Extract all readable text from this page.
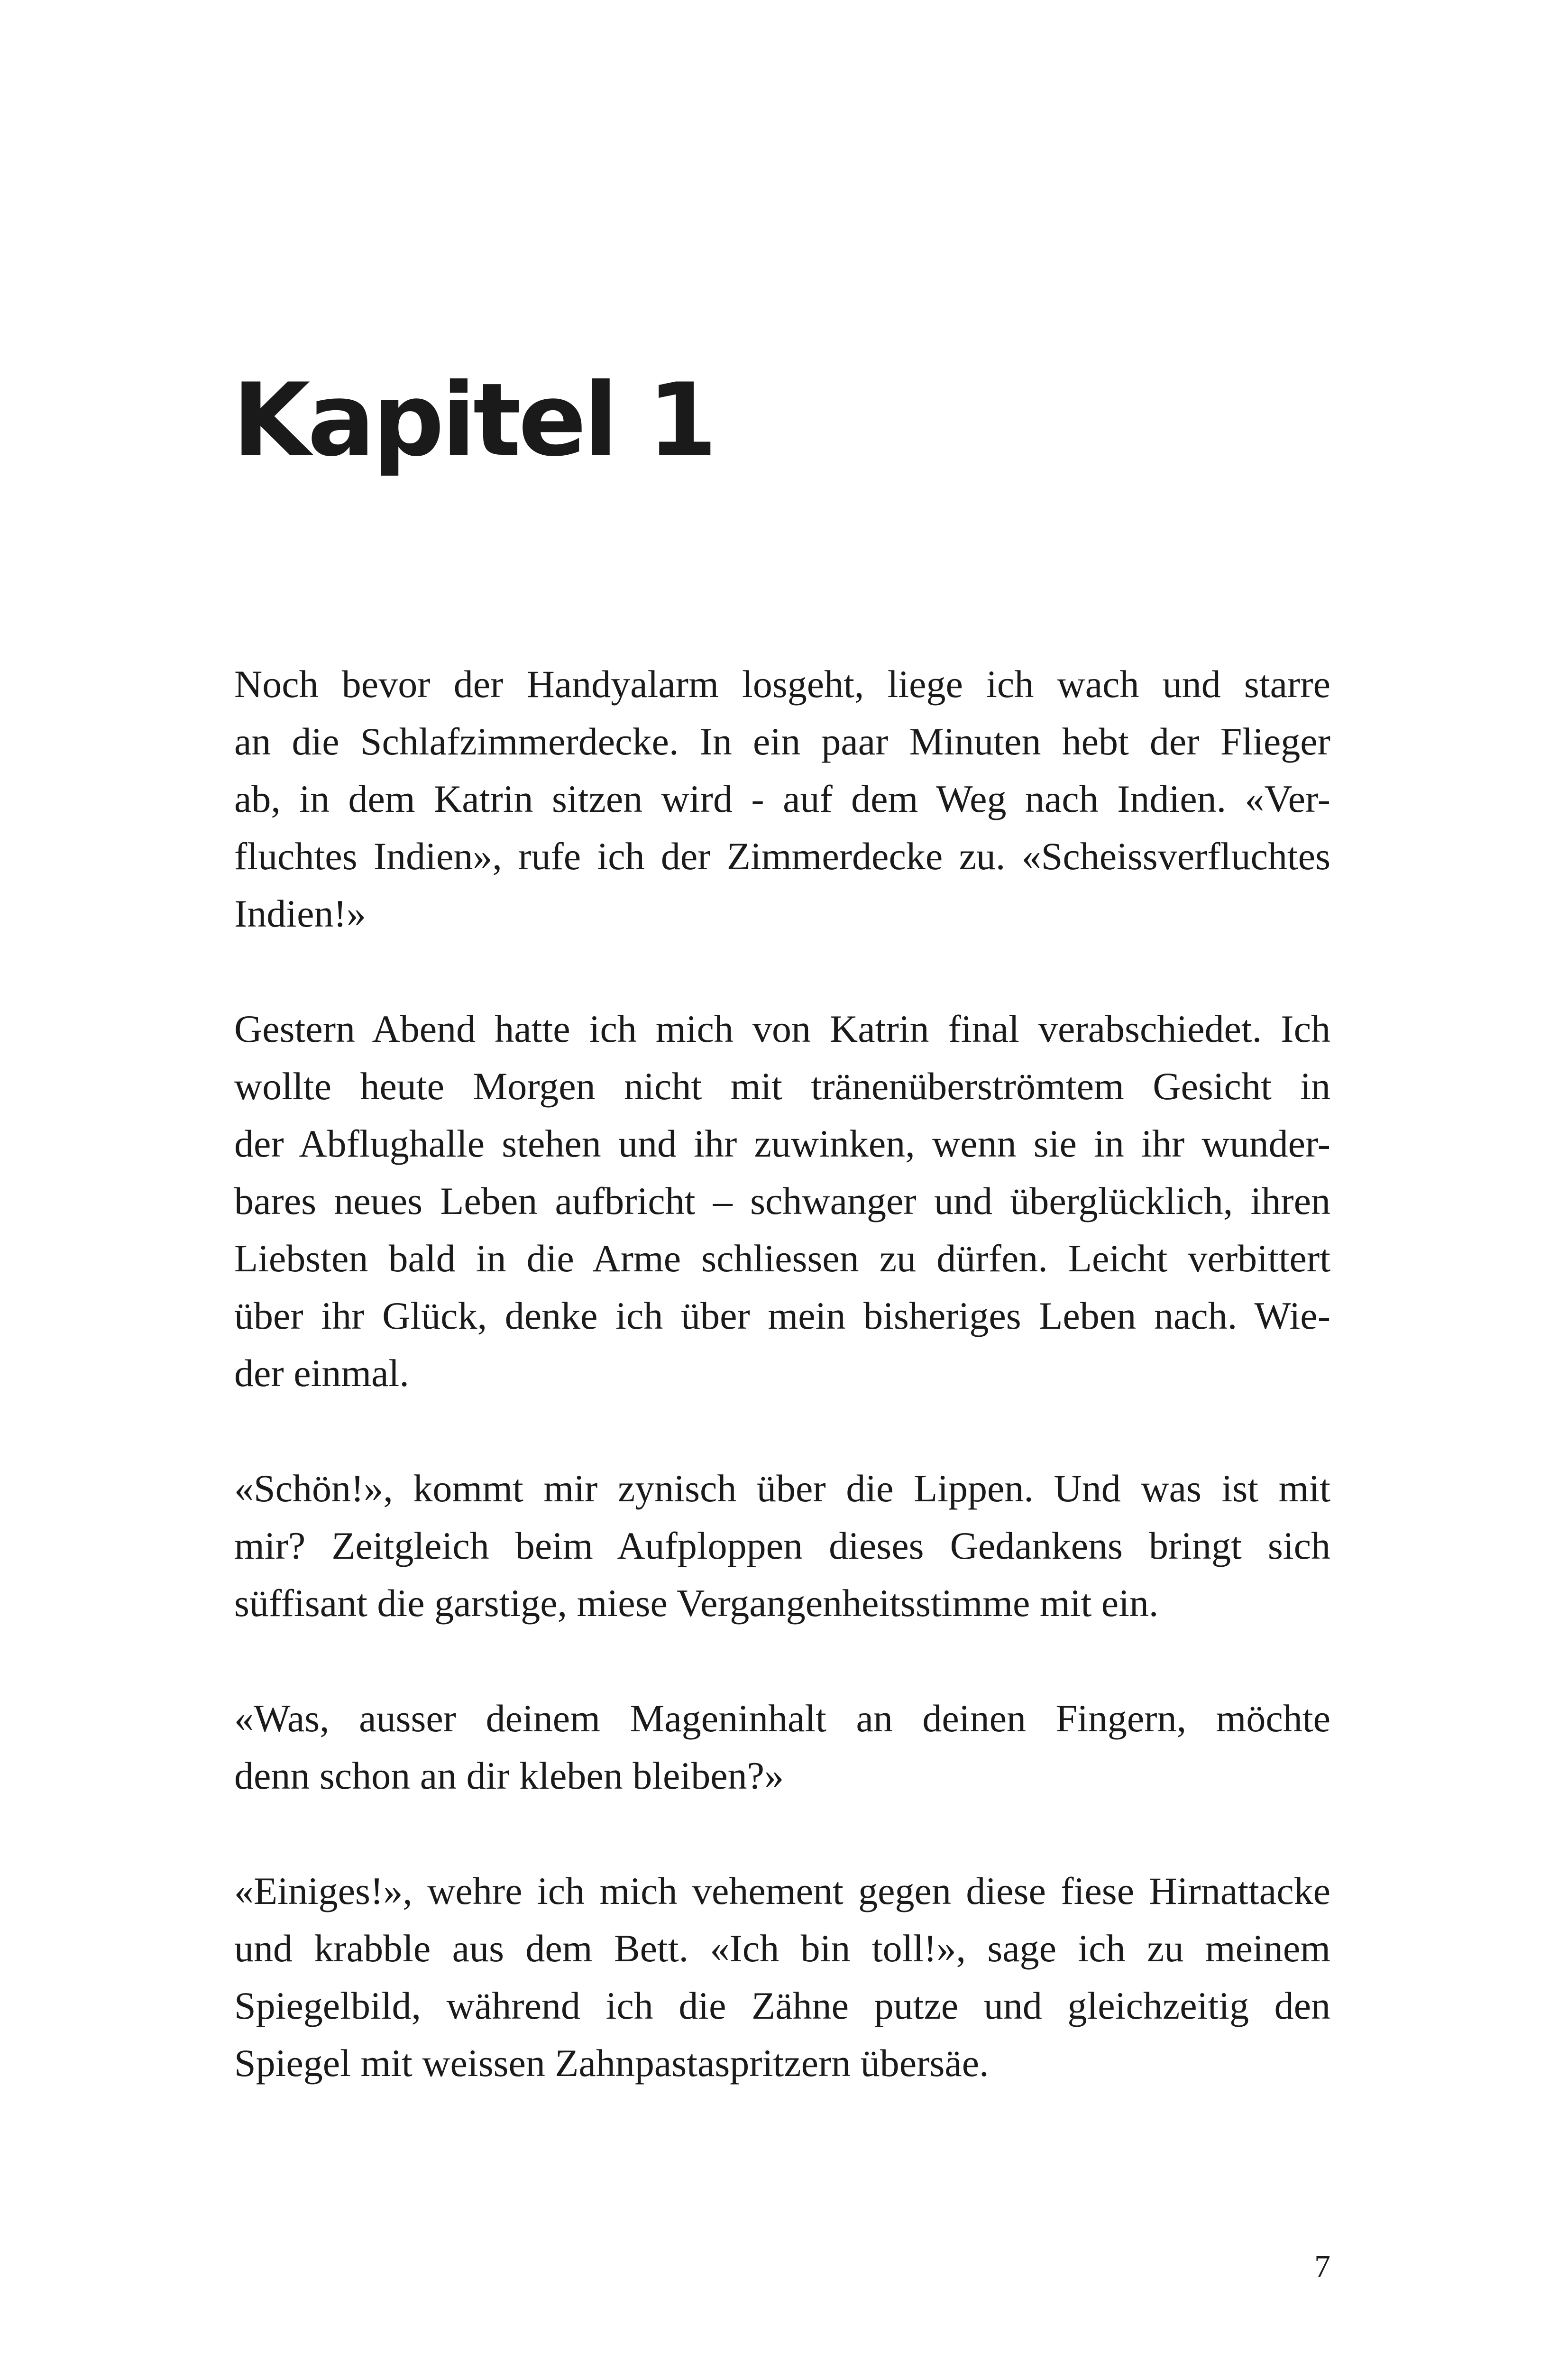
Kapitel 1

Noch bevor der Handyalarm losgeht, liege ich wach und starre
an die Schlafzimmerdecke. In ein paar Minuten hebt der Flieger
ab, in dem Katrin sitzen wird - auf dem Weg nach Indien. «Ver-
fluchtes Indien», rufe ich der Zimmerdecke zu. «Scheissverfluchtes
Indien!»

Gestern Abend hatte ich mich von Katrin final verabschiedet. Ich
wollte heute Morgen nicht mit tränenüberströmtem Gesicht in
der Abflughalle stehen und ihr zuwinken, wenn sie in ihr wunder-
bares neues Leben aufbricht – schwanger und überglücklich, ihren
Liebsten bald in die Arme schliessen zu dürfen. Leicht verbittert
über ihr Glück, denke ich über mein bisheriges Leben nach. Wie-
der einmal.

«Schön!», kommt mir zynisch über die Lippen. Und was ist mit
mir? Zeitgleich beim Aufploppen dieses Gedankens bringt sich
süffisant die garstige, miese Vergangenheitsstimme mit ein.

«Was, ausser deinem Mageninhalt an deinen Fingern, möchte
denn schon an dir kleben bleiben?»

«Einiges!», wehre ich mich vehement gegen diese fiese Hirnattacke
und krabble aus dem Bett. «Ich bin toll!», sage ich zu meinem
Spiegelbild, während ich die Zähne putze und gleichzeitig den
Spiegel mit weissen Zahnpastaspritzern übersäe.

7
